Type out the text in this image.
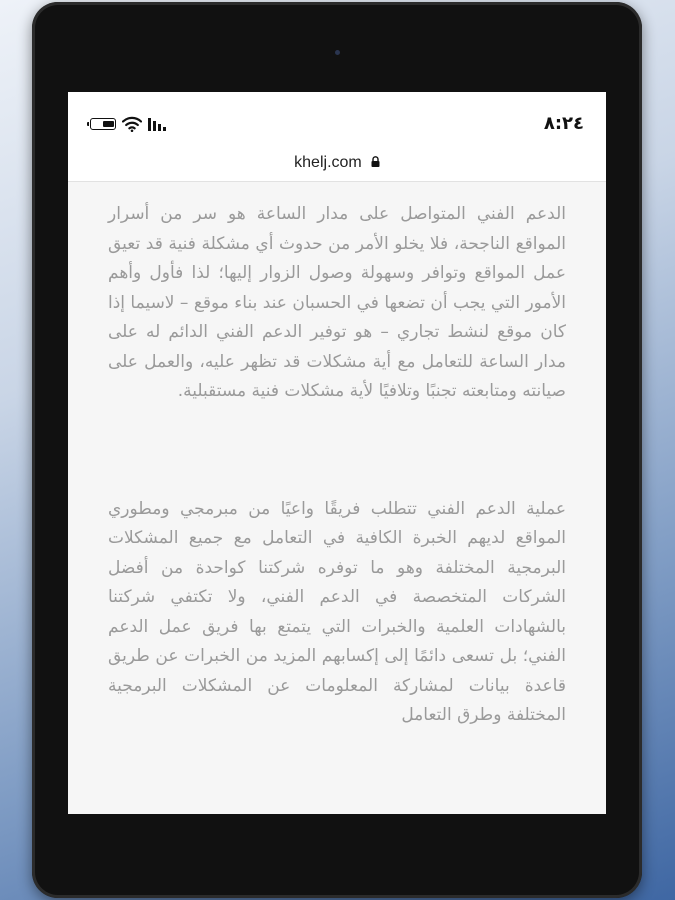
٨:٢٤
khelj.com

الدعم الفني المتواصل على مدار الساعة هو سر من أسرار المواقع الناجحة، فلا يخلو الأمر من حدوث أي مشكلة فنية قد تعيق عمل المواقع وتوافر وسهولة وصول الزوار إليها؛ لذا فأول وأهم الأمور التي يجب أن تضعها في الحسبان عند بناء موقع – لاسيما إذا كان موقع لنشط تجاري – هو توفير الدعم الفني الدائم له على مدار الساعة للتعامل مع أية مشكلات قد تظهر عليه، والعمل على صيانته ومتابعته تجنبًا وتلافيًا لأية مشكلات فنية مستقبلية.

عملية الدعم الفني تتطلب فريقًا واعيًا من مبرمجي ومطوري المواقع لديهم الخبرة الكافية في التعامل مع جميع المشكلات البرمجية المختلفة وهو ما توفره شركتنا كواحدة من أفضل الشركات المتخصصة في الدعم الفني، ولا تكتفي شركتنا بالشهادات العلمية والخبرات التي يتمتع بها فريق عمل الدعم الفني؛ بل تسعى دائمًا إلى إكسابهم المزيد من الخبرات عن طريق قاعدة بيانات لمشاركة المعلومات عن المشكلات البرمجية المختلفة وطرق التعامل
